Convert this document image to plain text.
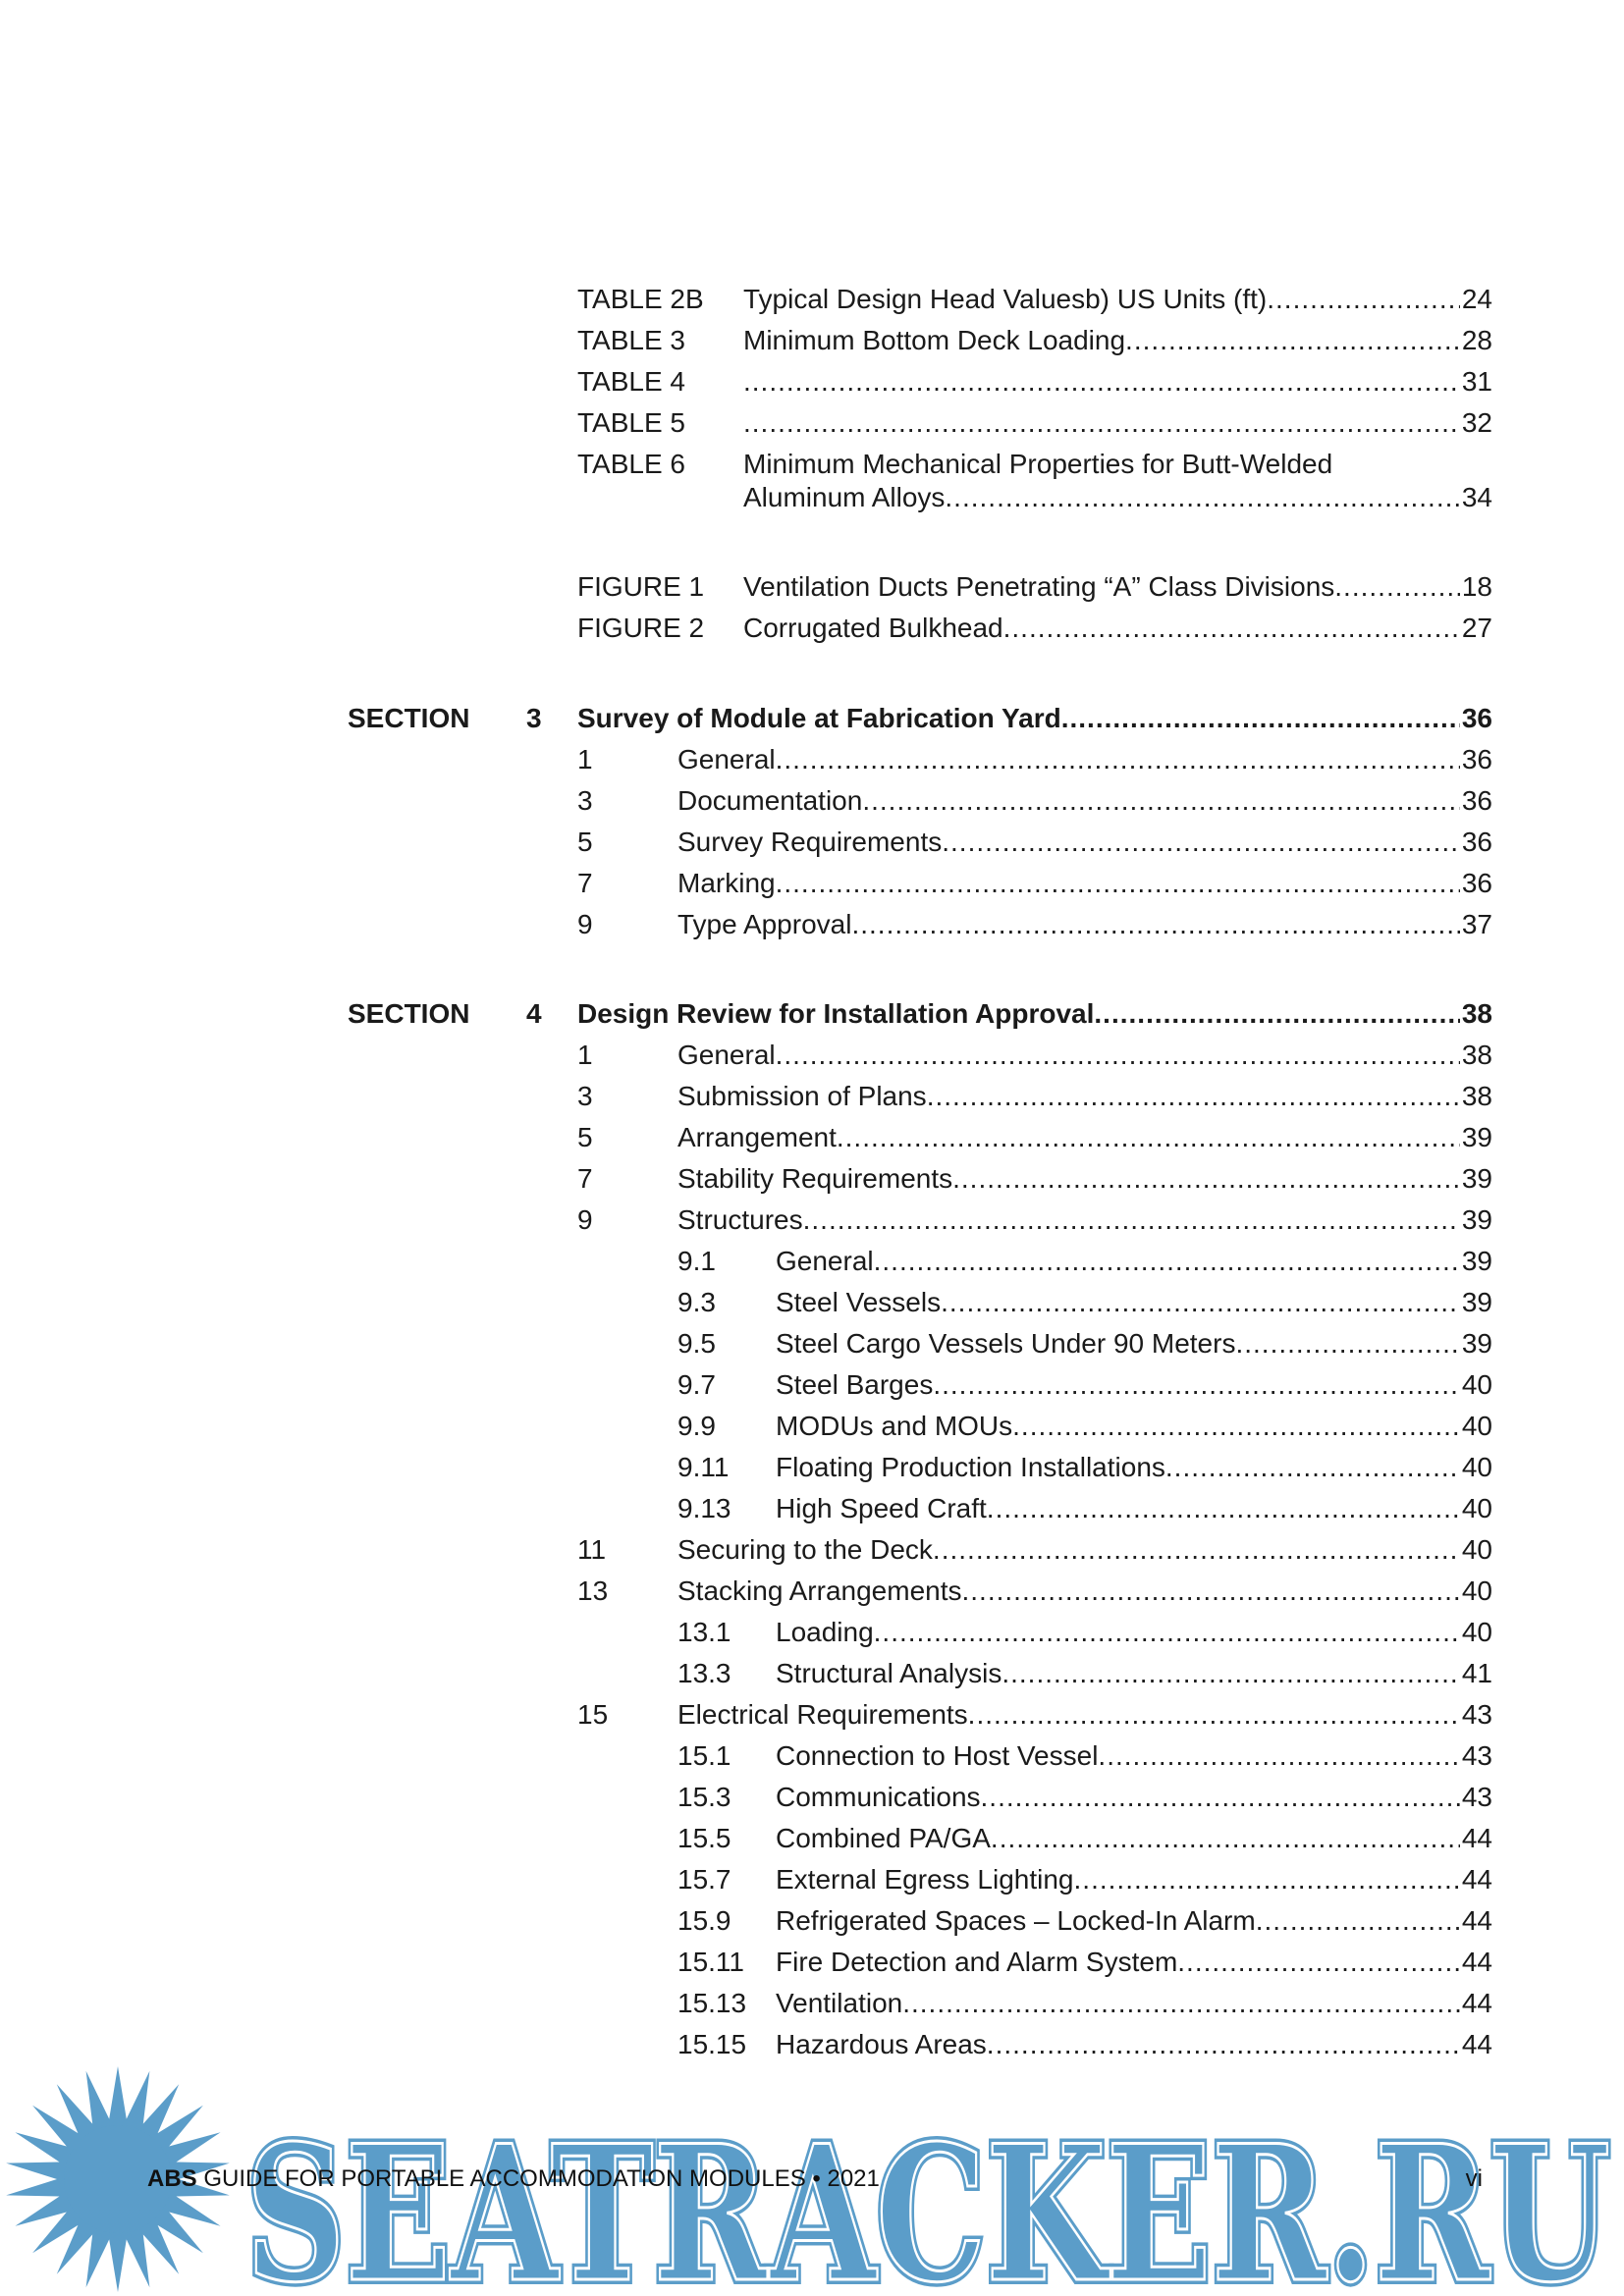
TABLE 2B Typical Design Head Valuesb) US Units (ft) .....	24
TABLE 3 Minimum Bottom Deck Loading .....	28
TABLE 4 .....	31
TABLE 5 .....	32
TABLE 6 Minimum Mechanical Properties for Butt-Welded
Aluminum Alloys .....	34
FIGURE 1 Ventilation Ducts Penetrating “A” Class Divisions .....	18
FIGURE 2 Corrugated Bulkhead .....	27
SECTION 3 Survey of Module at Fabrication Yard .....	36
1	General .....	36
3	Documentation .....	36
5	Survey Requirements .....	36
7	Marking .....	36
9	Type Approval .....	37
SECTION 4 Design Review for Installation Approval .....	38
1	General .....	38
3	Submission of Plans .....	38
5	Arrangement .....	39
7	Stability Requirements .....	39
9	Structures .....	39
9.1 General .....	39
9.3 Steel Vessels .....	39
9.5 Steel Cargo Vessels Under 90 Meters .....	39
9.7 Steel Barges .....	40
9.9 MODUs and MOUs .....	40
9.11 Floating Production Installations .....	40
9.13 High Speed Craft .....	40
11	Securing to the Deck .....	40
13	Stacking Arrangements .....	40
13.1 Loading .....	40
13.3 Structural Analysis .....	41
15	Electrical Requirements .....	43
15.1 Connection to Host Vessel .....	43
15.3 Communications .....	43
15.5 Combined PA/GA .....	44
15.7 External Egress Lighting .....	44
15.9 Refrigerated Spaces – Locked-In Alarm .....	44
15.11 Fire Detection and Alarm System .....	44
15.13 Ventilation .....	44
15.15 Hazardous Areas .....	44
SEATRACKER.RU
SEATRACKER.RU
ABS GUIDE FOR PORTABLE ACCOMMODATION MODULES • 2021	vi
